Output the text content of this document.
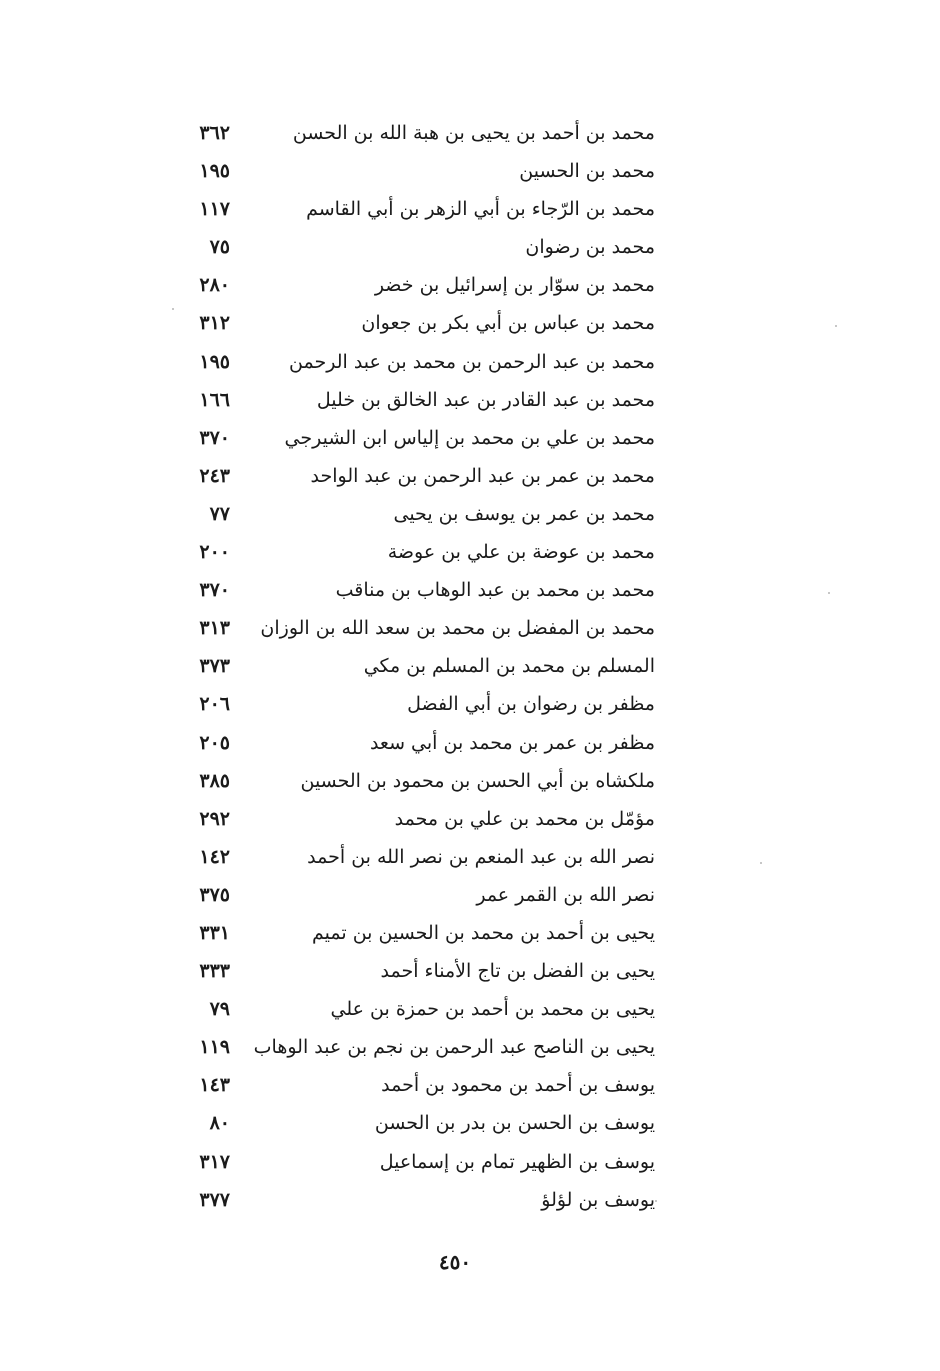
محمد بن أحمد بن يحيى بن هبة الله بن الحسن
٣٦٢
محمد بن الحسين
١٩٥
محمد بن الرّجاء بن أبي الزهر بن أبي القاسم
١١٧
محمد بن رضوان
٧٥
محمد بن سوّار بن إسرائيل بن خضر
٢٨٠
محمد بن عباس بن أبي بكر بن جعوان
٣١٢
محمد بن عبد الرحمن بن محمد بن عبد الرحمن
١٩٥
محمد بن عبد القادر بن عبد الخالق بن خليل
١٦٦
محمد بن علي بن محمد بن إلياس ابن الشيرجي
٣٧٠
محمد بن عمر بن عبد الرحمن بن عبد الواحد
٢٤٣
محمد بن عمر بن يوسف بن يحيى
٧٧
محمد بن عوضة بن علي بن عوضة
٢٠٠
محمد بن محمد بن عبد الوهاب بن مناقب
٣٧٠
محمد بن المفضل بن محمد بن سعد الله بن الوزان
٣١٣
المسلم بن محمد بن المسلم بن مكي
٣٧٣
مظفر بن رضوان بن أبي الفضل
٢٠٦
مظفر بن عمر بن محمد بن أبي سعد
٢٠٥
ملكشاه بن أبي الحسن بن محمود بن الحسين
٣٨٥
مؤمّل بن محمد بن علي بن محمد
٢٩٢
نصر الله بن عبد المنعم بن نصر الله بن أحمد
١٤٢
نصر الله بن القمر عمر
٣٧٥
يحيى بن أحمد بن محمد بن الحسين بن تميم
٣٣١
يحيى بن الفضل بن تاج الأمناء أحمد
٣٣٣
يحيى بن محمد بن أحمد بن حمزة بن علي
٧٩
يحيى بن الناصح عبد الرحمن بن نجم بن عبد الوهاب
١١٩
يوسف بن أحمد بن محمود بن أحمد
١٤٣
يوسف بن الحسن بن بدر بن الحسن
٨٠
يوسف بن الظهير تمام بن إسماعيل
٣١٧
يوسف بن لؤلؤ
٣٧٧
٤٥٠
